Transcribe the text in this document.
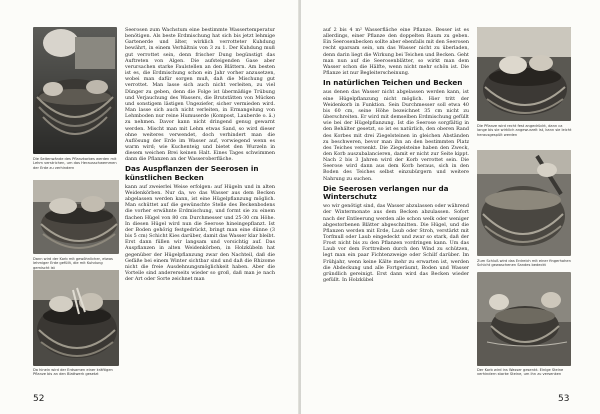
Die Seitenwände des Pflanzkorbes werden mit Lehm verstrichen, um das Herausschwemmen der Erde zu verhindern
Dann wird der Korb mit gewöhnlicher, etwas lehmiger Erde gefüllt, die mit Kuhdung gemischt ist
Da hinein wird der Erdsamen einer kräftigen Pflanze bis an den Blattwerk gesetzt

Seerosen zum Wachstum eine bestimmte Wassertemperatur benötigen. Als beste Erdmischung hat sich bis jetzt lehmige Gartenerde und älter, wirklich verrotteter Kuhdung bewährt, in einem Verhältnis von 3 zu 1. Der Kuhdung muß gut verrottet sein, denn frischer Dung begünstigt das Auftreten von Algen. Die aufsteigenden Gase aber verursachen starke Faulstellen an den Blättern. Am besten ist es, die Erdmischung schon ein Jahr vorher anzusetzen, wobei man dafür sorgen muß, daß die Mischung gut verrottet. Man lasse sich auch nicht verleiten, zu viel Dünger zu geben, denn die Folge ist übermäßige Trübung und Verjauchung des Wassers, die Brutstätten von Mücken und sonstigem lästigen Ungeziefer, sicher vermieden wird. Man lasse sich auch nicht verleiten, in Ermangelung von Lehmboden nur reine Humuserde (Kompost, Lauberde o. ä.) zu nehmen. Davor kann nicht dringend genug gewarnt werden. Mischt man mit Lehm etwas Sand, so wird dieser ohne weiteres verwendet, doch verhindert man die Auflösung der Erde im Wasser auf, vorwiegend wenn es warm wird; wie Kuchenteig und bietet den Wurzeln in diesem weichen Brei keinen Halt. Eines Tages schwimmen dann die Pflanzen an der Wasseroberfläche.

Das Auspflanzen der Seerosen in künstlichen Becken

kann auf zweierlei Weise erfolgen: auf Hügeln und in alten Weidenkörben. Nur da, wo das Wasser aus dem Becken abgelassen werden kann, ist eine Hügelpflanzung möglich. Man schüttet auf die gewünschte Stelle des Beckenbodens die vorher erwähnte Erdmischung, und formt sie zu einem flachen Hügel von 80 cm Durchmesser und 25-30 cm Höhe. In diesen Hügel wird nun die Seerose hineingepflanzt. Ist der Boden gehörig festgedrückt, bringt man eine dünne (3 bis 5 cm) Schicht Kies darüber, damit das Wasser klar bleibt. Erst dann füllen wir langsam und vorsichtig auf. Das Auspflanzen in alten Weidenkörben, in Holzkübeln hat gegenüber der Hügelpflanzung zwar den Nachteil, daß die Gefäße bei einem Winter sichtbar sind und daß die Rhizome nicht die freie Ausdehnungsmöglichkeit haben. Aber die Vorteile sind andererseits wieder so groß, daß man je nach der Art oder Sorte zeichnet man

52

auf 2 bis 4 m² Wasserfläche eine Pflanze. Besser ist es allerdings, einer Pflanze den doppelten Raum zu geben. Ein Seerosenbecken sollte aber ebenfalls mit den Seerosen recht sparsam sein, um das Wasser nicht zu überladen, denn darin liegt die Wirkung bei Teichen und Becken. Geht man nun auf die Seerosenblätter, so wirkt man dem Wasser schon die Hälfte, wenn nicht mehr schön ist. Die Pflanze ist nur Begleiterscheinung.

In natürlichen Teichen und Becken

aus denen das Wasser nicht abgelassen werden kann, ist eine Hügelpflanzung nicht möglich. Hier tritt der Weidenkorb in Funktion. Sein Durchmesser soll etwa 40 bis 60 cm, seine Höhe bezeichnet 35 cm nicht zu überschreiten. Er wird mit demselben Erdmischung gefüllt wie bei der Hügelpflanzung. Ist die Seerose sorgfältig in den Behälter gesetzt, so ist es natürlich, den oberen Rand des Korbes mit drei Ziegelsteinen in gleichen Abständen zu beschweren, bevor man ihn an den bestimmten Platz des Teiches versenkt. Die Ziegelsteine haben den Zweck, den Korb auszubalancieren, damit er nicht zur Seite kippt. Nach 2 bis 3 Jahren wird der Korb verrottet sein. Die Seerose wird dann aus dem Korb heraus, sich in den Boden des Teiches selbst einzubürgern und weitere Nahrung zu suchen.

Die Seerosen verlangen nur da Winterschutz

wo wir genötigt sind, das Wasser abzulassen oder während der Wintermonate aus dem Becken abzulassen. Sofort nach der Entleerung werden alle schon welk oder weniger abgestorbenen Blätter abgeschnitten. Die Hügel, und die Pflanzen werden mit Erde, Laub oder Stroh, verstärkt mit Torfmull oder Laub eingedeckt und zwar so stark, daß der Frost nicht bis zu den Pflanzen vordringen kann. Um das Laub vor dem Forttreiben durch den Wind zu schützen, legt man ein paar Fichtenzweige oder Schilf darüber. Im Frühjahr, wenn keine Kälte mehr zu erwarten ist, werden die Abdeckung und alle Fortgeräumt, Boden und Wasser gründlich gereinigt. Erst dann wird das Becken wieder gefüllt. In Holzkübel

Die Pflanze wird recht fest angedrückt, dann ca lange bis sie wirklich angewurzelt ist, kann sie leicht herausgespült werden
Zum Schluß wird das Erdreich mit einer fingerhohen Schicht gewaschenen Sandes bedeckt
Der Korb wird ins Wasser gesenkt. Einige Steine verhindern starke Steine, um ihn zu versenken
53
